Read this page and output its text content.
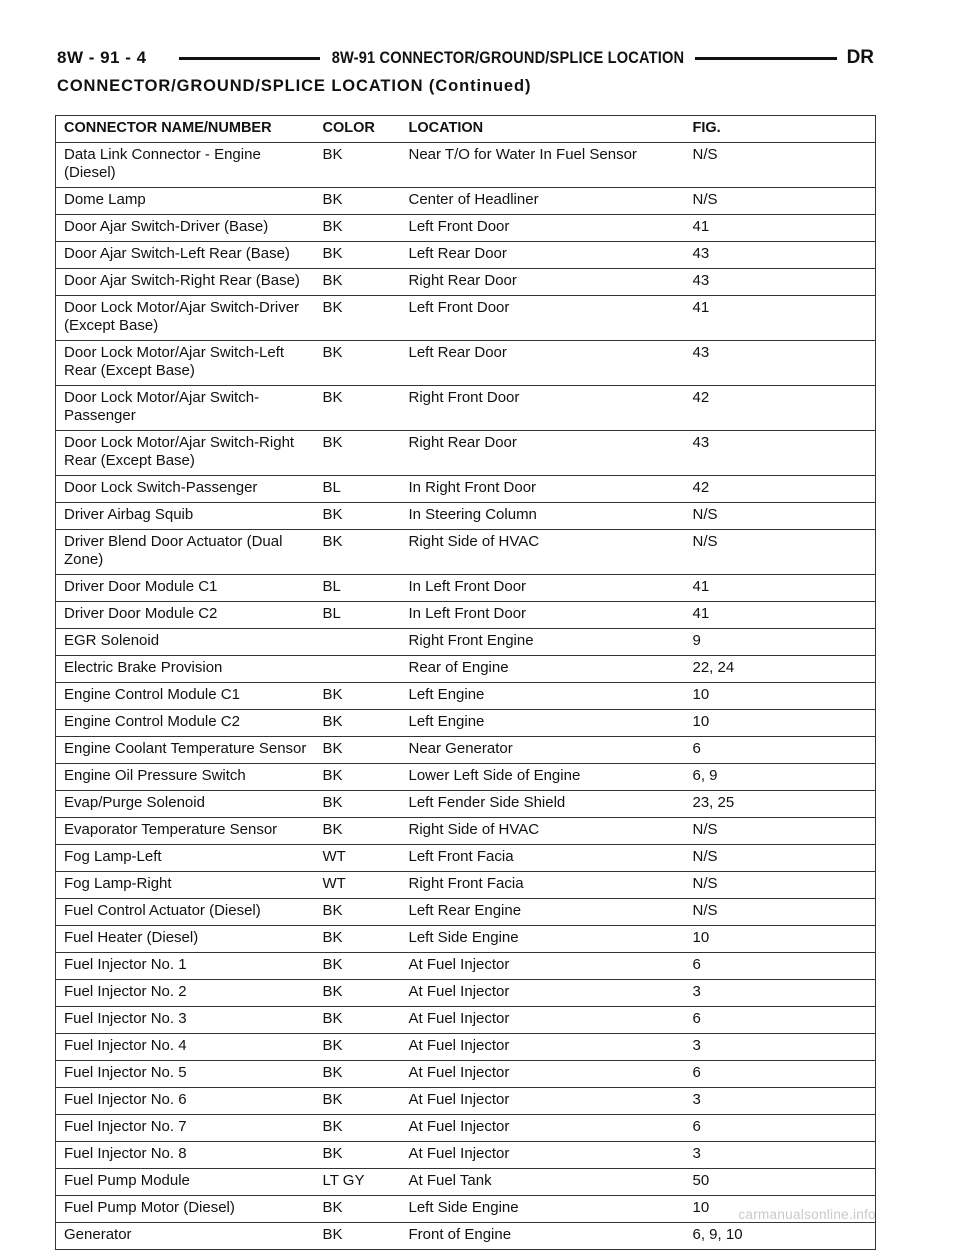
8W - 91 - 4	8W-91 CONNECTOR/GROUND/SPLICE LOCATION	DR
CONNECTOR/GROUND/SPLICE LOCATION (Continued)
CONNECTOR NAME/NUMBER	COLOR	LOCATION	FIG.
Data Link Connector - Engine (Diesel)	BK	Near T/O for Water In Fuel Sensor	N/S
Dome Lamp	BK	Center of Headliner	N/S
Door Ajar Switch-Driver (Base)	BK	Left Front Door	41
Door Ajar Switch-Left Rear (Base)	BK	Left Rear Door	43
Door Ajar Switch-Right Rear (Base)	BK	Right Rear Door	43
Door Lock Motor/Ajar Switch-Driver (Except Base)	BK	Left Front Door	41
Door Lock Motor/Ajar Switch-Left Rear (Except Base)	BK	Left Rear Door	43
Door Lock Motor/Ajar Switch-Passenger	BK	Right Front Door	42
Door Lock Motor/Ajar Switch-Right Rear (Except Base)	BK	Right Rear Door	43
Door Lock Switch-Passenger	BL	In Right Front Door	42
Driver Airbag Squib	BK	In Steering Column	N/S
Driver Blend Door Actuator (Dual Zone)	BK	Right Side of HVAC	N/S
Driver Door Module C1	BL	In Left Front Door	41
Driver Door Module C2	BL	In Left Front Door	41
EGR Solenoid		Right Front Engine	9
Electric Brake Provision		Rear of Engine	22, 24
Engine Control Module C1	BK	Left Engine	10
Engine Control Module C2	BK	Left Engine	10
Engine Coolant Temperature Sensor	BK	Near Generator	6
Engine Oil Pressure Switch	BK	Lower Left Side of Engine	6, 9
Evap/Purge Solenoid	BK	Left Fender Side Shield	23, 25
Evaporator Temperature Sensor	BK	Right Side of HVAC	N/S
Fog Lamp-Left	WT	Left Front Facia	N/S
Fog Lamp-Right	WT	Right Front Facia	N/S
Fuel Control Actuator (Diesel)	BK	Left Rear Engine	N/S
Fuel Heater (Diesel)	BK	Left Side Engine	10
Fuel Injector No. 1	BK	At Fuel Injector	6
Fuel Injector No. 2	BK	At Fuel Injector	3
Fuel Injector No. 3	BK	At Fuel Injector	6
Fuel Injector No. 4	BK	At Fuel Injector	3
Fuel Injector No. 5	BK	At Fuel Injector	6
Fuel Injector No. 6	BK	At Fuel Injector	3
Fuel Injector No. 7	BK	At Fuel Injector	6
Fuel Injector No. 8	BK	At Fuel Injector	3
Fuel Pump Module	LT GY	At Fuel Tank	50
Fuel Pump Motor (Diesel)	BK	Left Side Engine	10
Generator	BK	Front of Engine	6, 9, 10
carmanualsonline.info
